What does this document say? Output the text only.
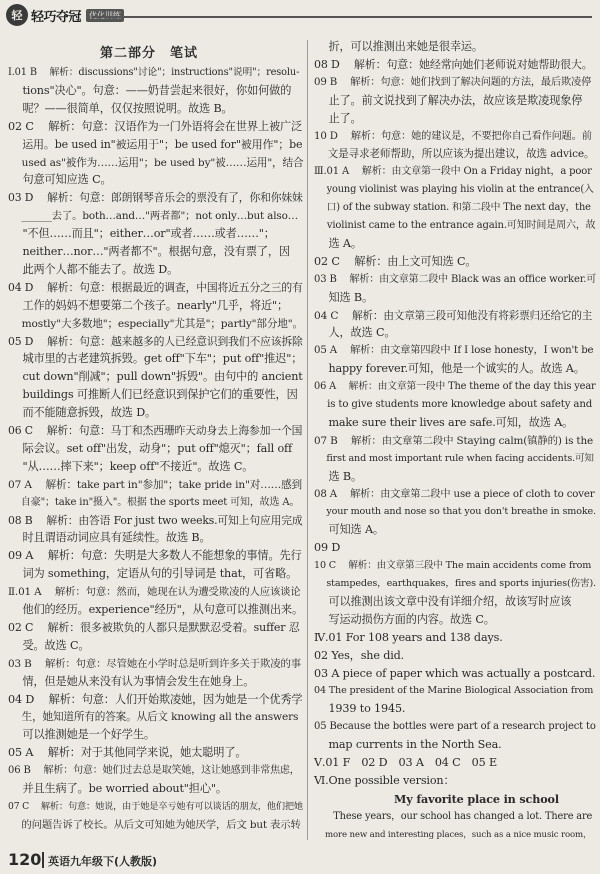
轻 轻巧夺冠	优化训练
第二部分　笔试
Ⅰ.01 B　 解析：discussions"讨论"；instructions"说明"；resolu-
　 tions"决心"。句意：——奶昔尝起来很好，你如何做的
　 呢？——很简单，仅仅按照说明。故选 B。
02 C　 解析：句意：汉语作为一门外语将会在世界上被广泛
　 运用。be used in"被运用于"；be used for"被用作"；be
　 used as"被作为……运用"；be used by"被……运用"，结合
　 句意可知应选 C。
03 D　 解析：句意：郎朗钢琴音乐会的票没有了，你和你妹妹
　 ______去了。both…and…"两者都"；not only…but also…
　 "不但……而且"；either…or"或者……或者……"；
　 neither…nor…"两者都不"。根据句意，没有票了，因
　 此两个人都不能去了。故选 D。
04 D　 解析：句意：根据最近的调查，中国将近五分之三的有
　 工作的妈妈不想要第二个孩子。nearly"几乎，将近"；
　 mostly"大多数地"；especially"尤其是"；partly"部分地"。
05 D　 解析：句意：越来越多的人已经意识到我们不应该拆除
　 城市里的古老建筑拆毁。get off"下车"；put off"推迟"；
　 cut down"削减"；pull down"拆毁"。由句中的 ancient
　 buildings 可推断人们已经意识到保护它们的重要性，因
　 而不能随意拆毁，故选 D。
06 C　 解析：句意：马丁和杰西珊昨天动身去上海参加一个国
　 际会议。set off"出发，动身"；put off"熄灭"；fall off
　 "从……摔下来"；keep off"不接近"。故选 C。
07 A　 解析：take part in"参加"；take pride in"对……感到
　 自豪"；take in"摄入"。根据 the sports meet 可知，故选 A。
08 B　 解析：由答语 For just two weeks.可知上句应用完成
　 时且谓语动词应具有延续性。故选 B。
09 A　 解析：句意：失明是大多数人不能想象的事情。先行
　 词为 something，定语从句的引导词是 that，可省略。
Ⅱ.01 A　 解析：句意：然而，她现在认为遭受欺凌的人应该谈论
　 他们的经历。experience"经历"，从句意可以推测出来。
02 C　 解析：很多被欺负的人都只是默默忍受着。suffer 忍
　 受。故选 C。
03 B　 解析：句意：尽管她在小学时总是听到许多关于欺凌的事
　 情，但是她从来没有认为事情会发生在她身上。
04 D　 解析：句意：人们开始欺凌她，因为她是一个优秀学
　 生，她知道所有的答案。从后文 knowing all the answers
　 可以推测她是一个好学生。
05 A　 解析：对于其他同学来说，她太聪明了。
06 B　 解析：句意：她们过去总是取笑她，这让她感到非常焦虑，
　 并且生病了。be worried about"担心"。
07 C　 解析：句意：她说，由于她是卒亏她有可以谈话的朋友，他们把她
　 的问题告诉了校长。从后文可知她为她厌学，后文 but 表示转
　 折，可以推测出来她是很幸运。
08 D　 解析：句意：她经常向她们老师说对她帮助很大。
09 B　 解析：句意：她们找到了解决问题的方法，最后欺凌停
　 止了。前文说找到了解决办法，故应该是欺凌现象停
　 止了。
10 D　 解析：句意：她的建议是，不要把你自己看作问题。前
　 文是寻求老师帮助，所以应该为提出建议，故选 advice。
Ⅲ.01 A　 解析：由文章第一段中 On a Friday night，a poor
　 young violinist was playing his violin at the entrance(入
　 口) of the subway station. 和第二段中 The next day，the
　 violinist came to the entrance again.可知时间是周六，故
　 选 A。
02 C　 解析：由上文可知选 C。
03 B　 解析：由文章第二段中 Black was an office worker.可
　 知选 B。
04 C　 解析：由文章第三段可知他没有将彩票归还给它的主
　 人，故选 C。
05 A　 解析：由文章第四段中 If I lose honesty，I won't be
　 happy forever.可知，他是一个诚实的人。故选 A。
06 A　 解析：由文章第一段中 The theme of the day this year
　 is to give students more knowledge about safety and
　 make sure their lives are safe.可知，故选 A。
07 B　 解析：由文章第二段中 Staying calm(镇静的) is the
　 first and most important rule when facing accidents.可知
　 选 B。
08 A　 解析：由文章第二段中 use a piece of cloth to cover
　 your mouth and nose so that you don't breathe in smoke.
　 可知选 A。
09 D
10 C　 解析：由文章第三段中 The main accidents come from
　 stampedes，earthquakes，fires and sports injuries(伤害).
　 可以推测出该文章中没有详细介绍，故该写时应该
　 写运动损伤方面的内容。故选 C。
Ⅳ.01 For 108 years and 138 days.
02 Yes，she did.
03 A piece of paper which was actually a postcard.
04 The president of the Marine Biological Association from
　 1939 to 1945.
05 Because the bottles were part of a research project to
　 map currents in the North Sea.
Ⅴ.01 F　02 D　03 A　04 C　05 E
Ⅵ.One possible version：
My favorite place in school
　　These years，our school has changed a lot. There are
　 more new and interesting places，such as a nice music room，
120 英语九年级下(人教版)
